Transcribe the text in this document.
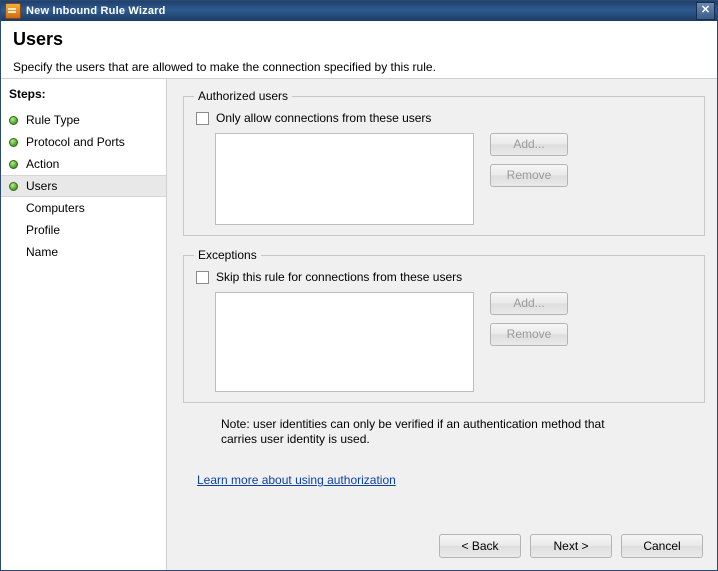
New Inbound Rule Wizard	✕
Users
Specify the users that are allowed to make the connection specified by this rule.
Steps:
Rule Type
Protocol and Ports
Action
Users
Computers
Profile
Name
Authorized users
Only allow connections from these users
Add...
Remove
Exceptions
Skip this rule for connections from these users
Add...
Remove
Note: user identities can only be verified if an authentication method that carries user identity is used.
Learn more about using authorization
< Back	Next >	Cancel
